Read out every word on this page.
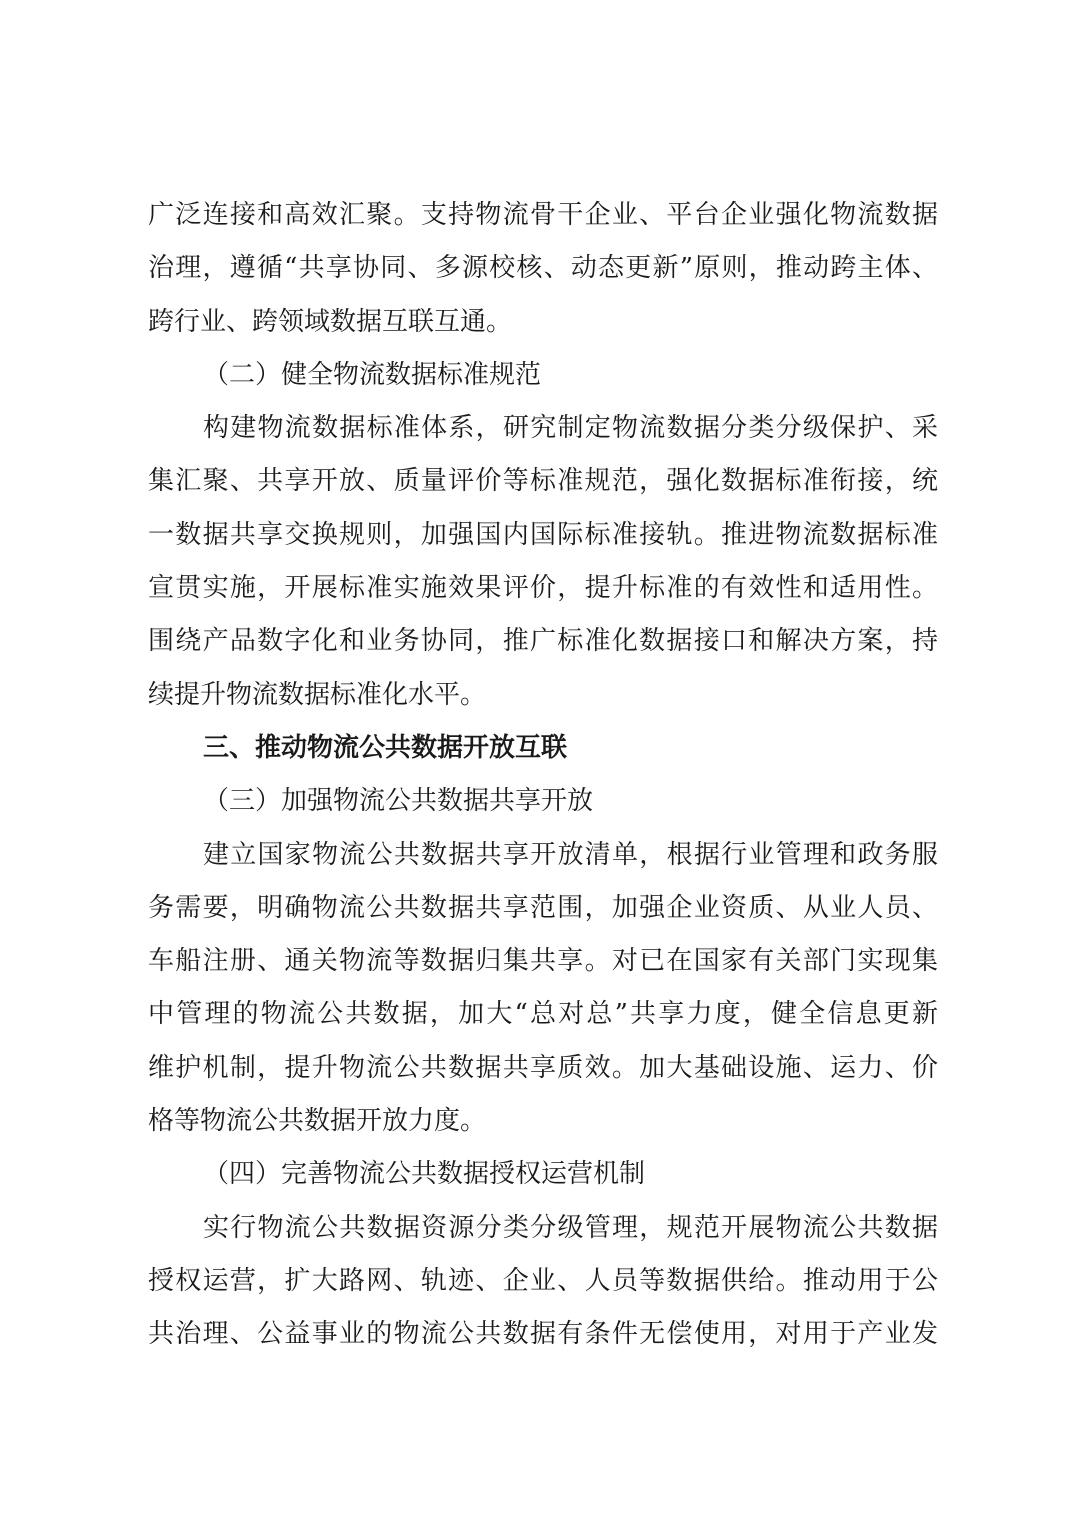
广泛连接和高效汇聚。支持物流骨干企业、平台企业强化物流数据
治理，遵循“共享协同、多源校核、动态更新”原则，推动跨主体、
跨行业、跨领域数据互联互通。
（二）健全物流数据标准规范
构建物流数据标准体系，研究制定物流数据分类分级保护、采
集汇聚、共享开放、质量评价等标准规范，强化数据标准衔接，统
一数据共享交换规则，加强国内国际标准接轨。推进物流数据标准
宣贯实施，开展标准实施效果评价，提升标准的有效性和适用性。
围绕产品数字化和业务协同，推广标准化数据接口和解决方案，持
续提升物流数据标准化水平。
三、推动物流公共数据开放互联
（三）加强物流公共数据共享开放
建立国家物流公共数据共享开放清单，根据行业管理和政务服
务需要，明确物流公共数据共享范围，加强企业资质、从业人员、
车船注册、通关物流等数据归集共享。对已在国家有关部门实现集
中管理的物流公共数据，加大“总对总”共享力度，健全信息更新
维护机制，提升物流公共数据共享质效。加大基础设施、运力、价
格等物流公共数据开放力度。
（四）完善物流公共数据授权运营机制
实行物流公共数据资源分类分级管理，规范开展物流公共数据
授权运营，扩大路网、轨迹、企业、人员等数据供给。推动用于公
共治理、公益事业的物流公共数据有条件无偿使用，对用于产业发
